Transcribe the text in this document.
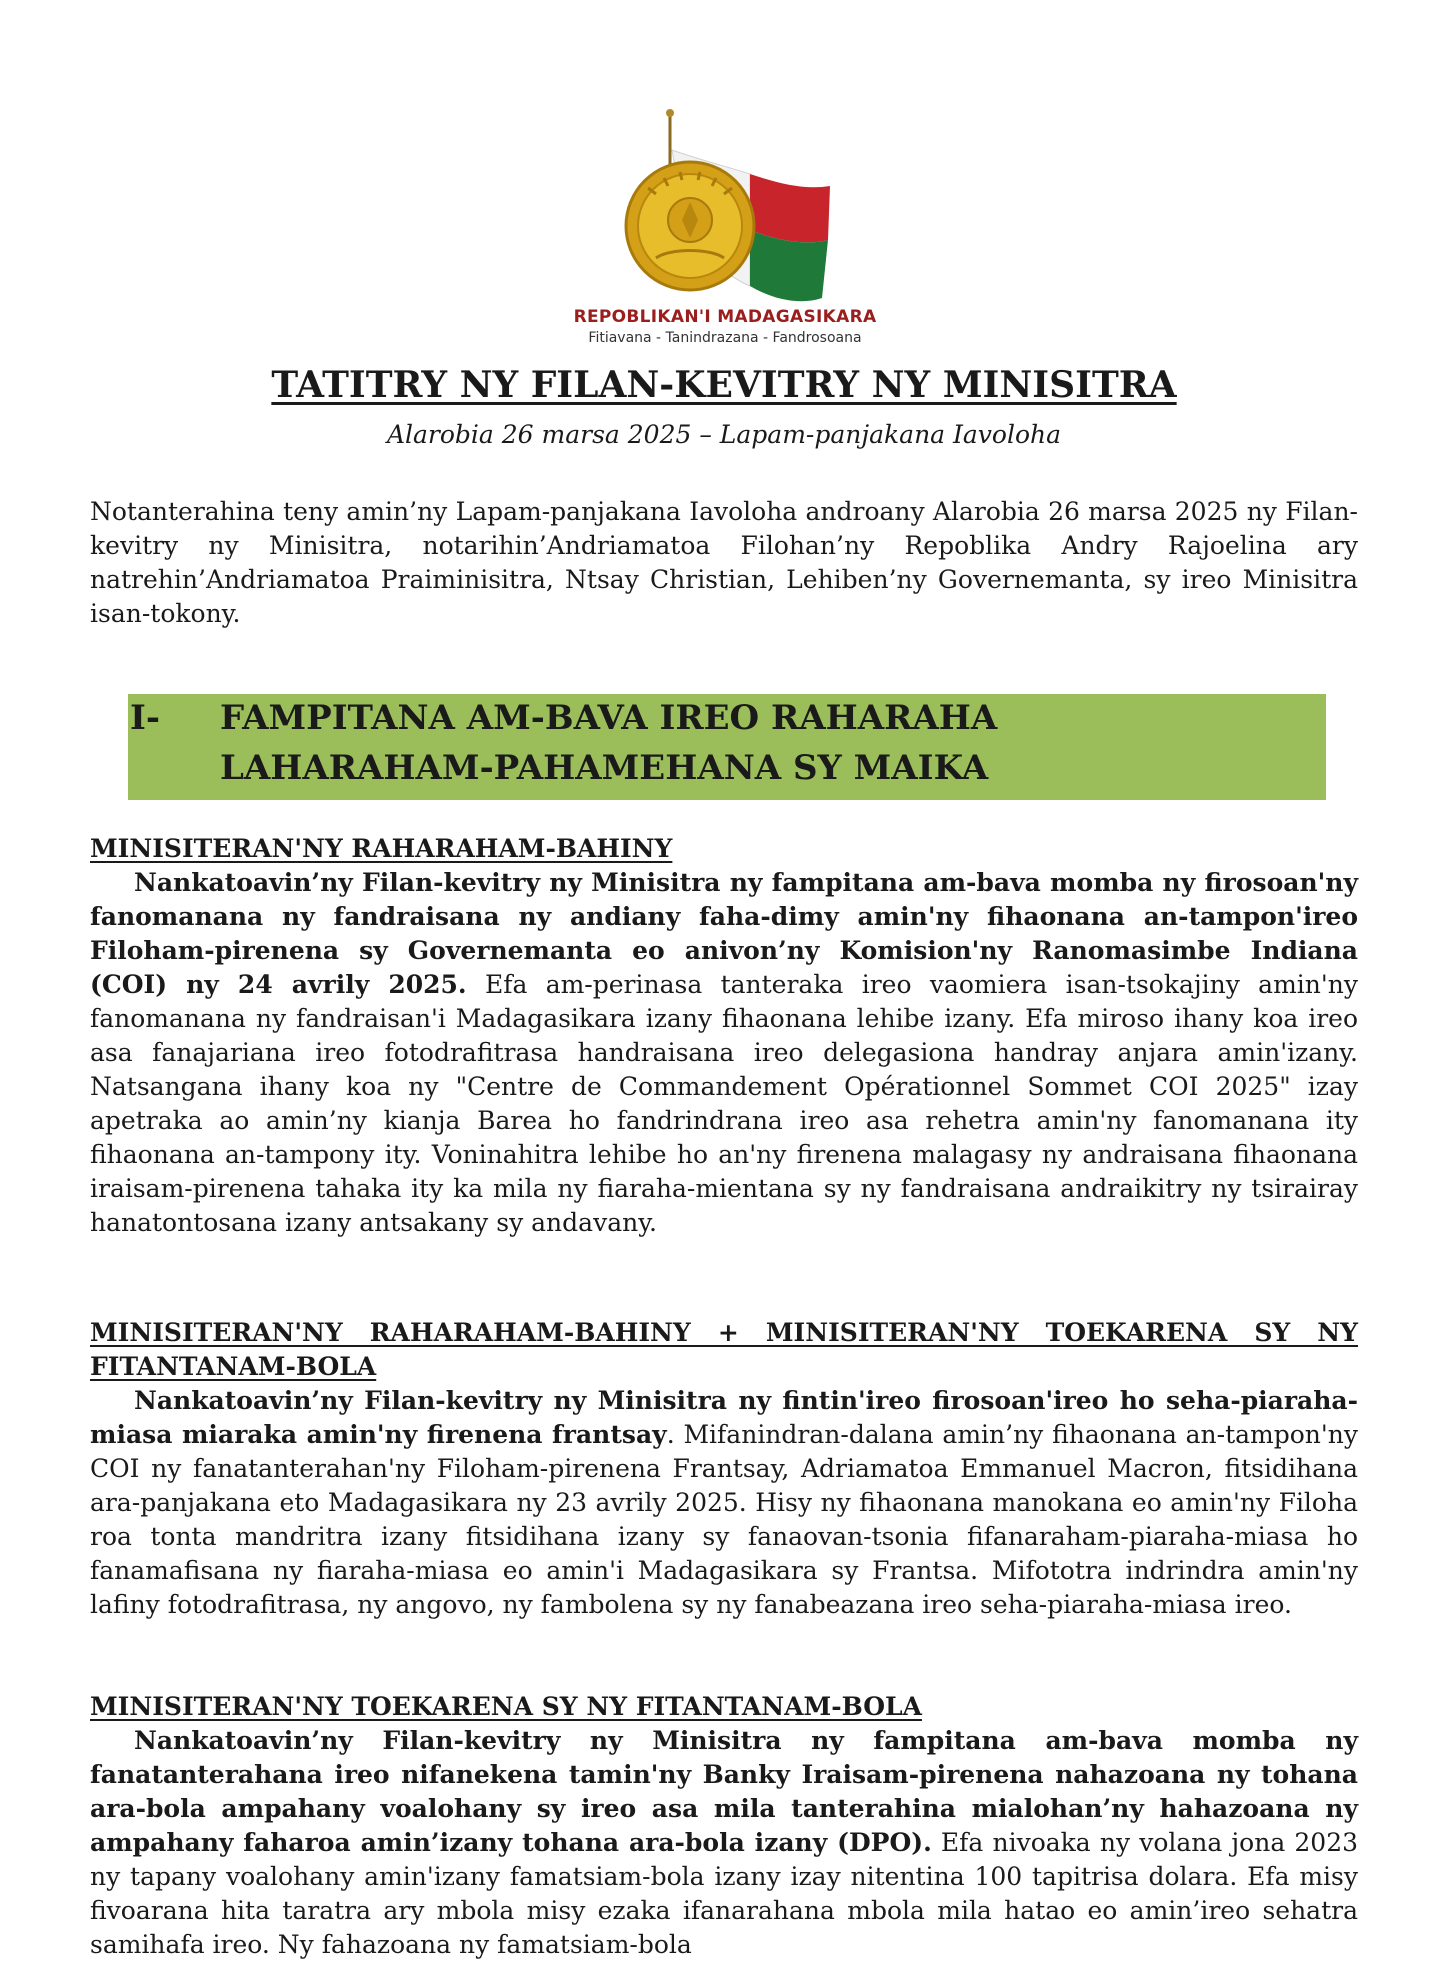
REPOBLIKAN'I MADAGASIKARA
Fitiavana - Tanindrazana - Fandrosoana
TATITRY NY FILAN-KEVITRY NY MINISITRA
Alarobia 26 marsa 2025 – Lapam-panjakana Iavoloha

Notanterahina teny amin’ny Lapam-panjakana Iavoloha androany Alarobia 26 marsa 2025 ny Filan-kevitry ny Minisitra, notarihin’Andriamatoa Filohan’ny Repoblika Andry Rajoelina ary natrehin’Andriamatoa Praiminisitra, Ntsay Christian, Lehiben’ny Governemanta, sy ireo Minisitra isan-tokony.

I- FAMPITANA AM-BAVA IREO RAHARAHA
LAHARAHAM-PAHAMEHANA SY MAIKA

MINISITERAN'NY RAHARAHAM-BAHINY

Nankatoavin’ny Filan-kevitry ny Minisitra ny fampitana am-bava momba ny firosoan'ny fanomanana ny fandraisana ny andiany faha-dimy amin'ny fihaonana an-tampon'ireo Filoham-pirenena sy Governemanta eo anivon’ny Komision'ny Ranomasimbe Indiana (COI) ny 24 avrily 2025. Efa am-perinasa tanteraka ireo vaomiera isan-tsokajiny amin'ny fanomanana ny fandraisan'i Madagasikara izany fihaonana lehibe izany. Efa miroso ihany koa ireo asa fanajariana ireo fotodrafitrasa handraisana ireo delegasiona handray anjara amin'izany. Natsangana ihany koa ny "Centre de Commandement Opérationnel Sommet COI 2025" izay apetraka ao amin’ny kianja Barea ho fandrindrana ireo asa rehetra amin'ny fanomanana ity fihaonana an-tampony ity. Voninahitra lehibe ho an'ny firenena malagasy ny andraisana fihaonana iraisam-pirenena tahaka ity ka mila ny fiaraha-mientana sy ny fandraisana andraikitry ny tsirairay hanatontosana izany antsakany sy andavany.

MINISITERAN'NY RAHARAHAM-BAHINY + MINISITERAN'NY TOEKARENA SY NY FITANTANAM-BOLA

Nankatoavin’ny Filan-kevitry ny Minisitra ny fintin'ireo firosoan'ireo ho seha-piaraha-miasa miaraka amin'ny firenena frantsay. Mifanindran-dalana amin’ny fihaonana an-tampon'ny COI ny fanatanterahan'ny Filoham-pirenena Frantsay, Adriamatoa Emmanuel Macron, fitsidihana ara-panjakana eto Madagasikara ny 23 avrily 2025. Hisy ny fihaonana manokana eo amin'ny Filoha roa tonta mandritra izany fitsidihana izany sy fanaovan-tsonia fifanaraham-piaraha-miasa ho fanamafisana ny fiaraha-miasa eo amin'i Madagasikara sy Frantsa. Mifototra indrindra amin'ny lafiny fotodrafitrasa, ny angovo, ny fambolena sy ny fanabeazana ireo seha-piaraha-miasa ireo.

MINISITERAN'NY TOEKARENA SY NY FITANTANAM-BOLA

Nankatoavin’ny Filan-kevitry ny Minisitra ny fampitana am-bava momba ny fanatanterahana ireo nifanekena tamin'ny Banky Iraisam-pirenena nahazoana ny tohana ara-bola ampahany voalohany sy ireo asa mila tanterahina mialohan’ny hahazoana ny ampahany faharoa amin’izany tohana ara-bola izany (DPO). Efa nivoaka ny volana jona 2023 ny tapany voalohany amin'izany famatsiam-bola izany izay nitentina 100 tapitrisa dolara. Efa misy fivoarana hita taratra ary mbola misy ezaka ifanarahana mbola mila hatao eo amin’ireo sehatra samihafa ireo. Ny fahazoana ny famatsiam-bola
